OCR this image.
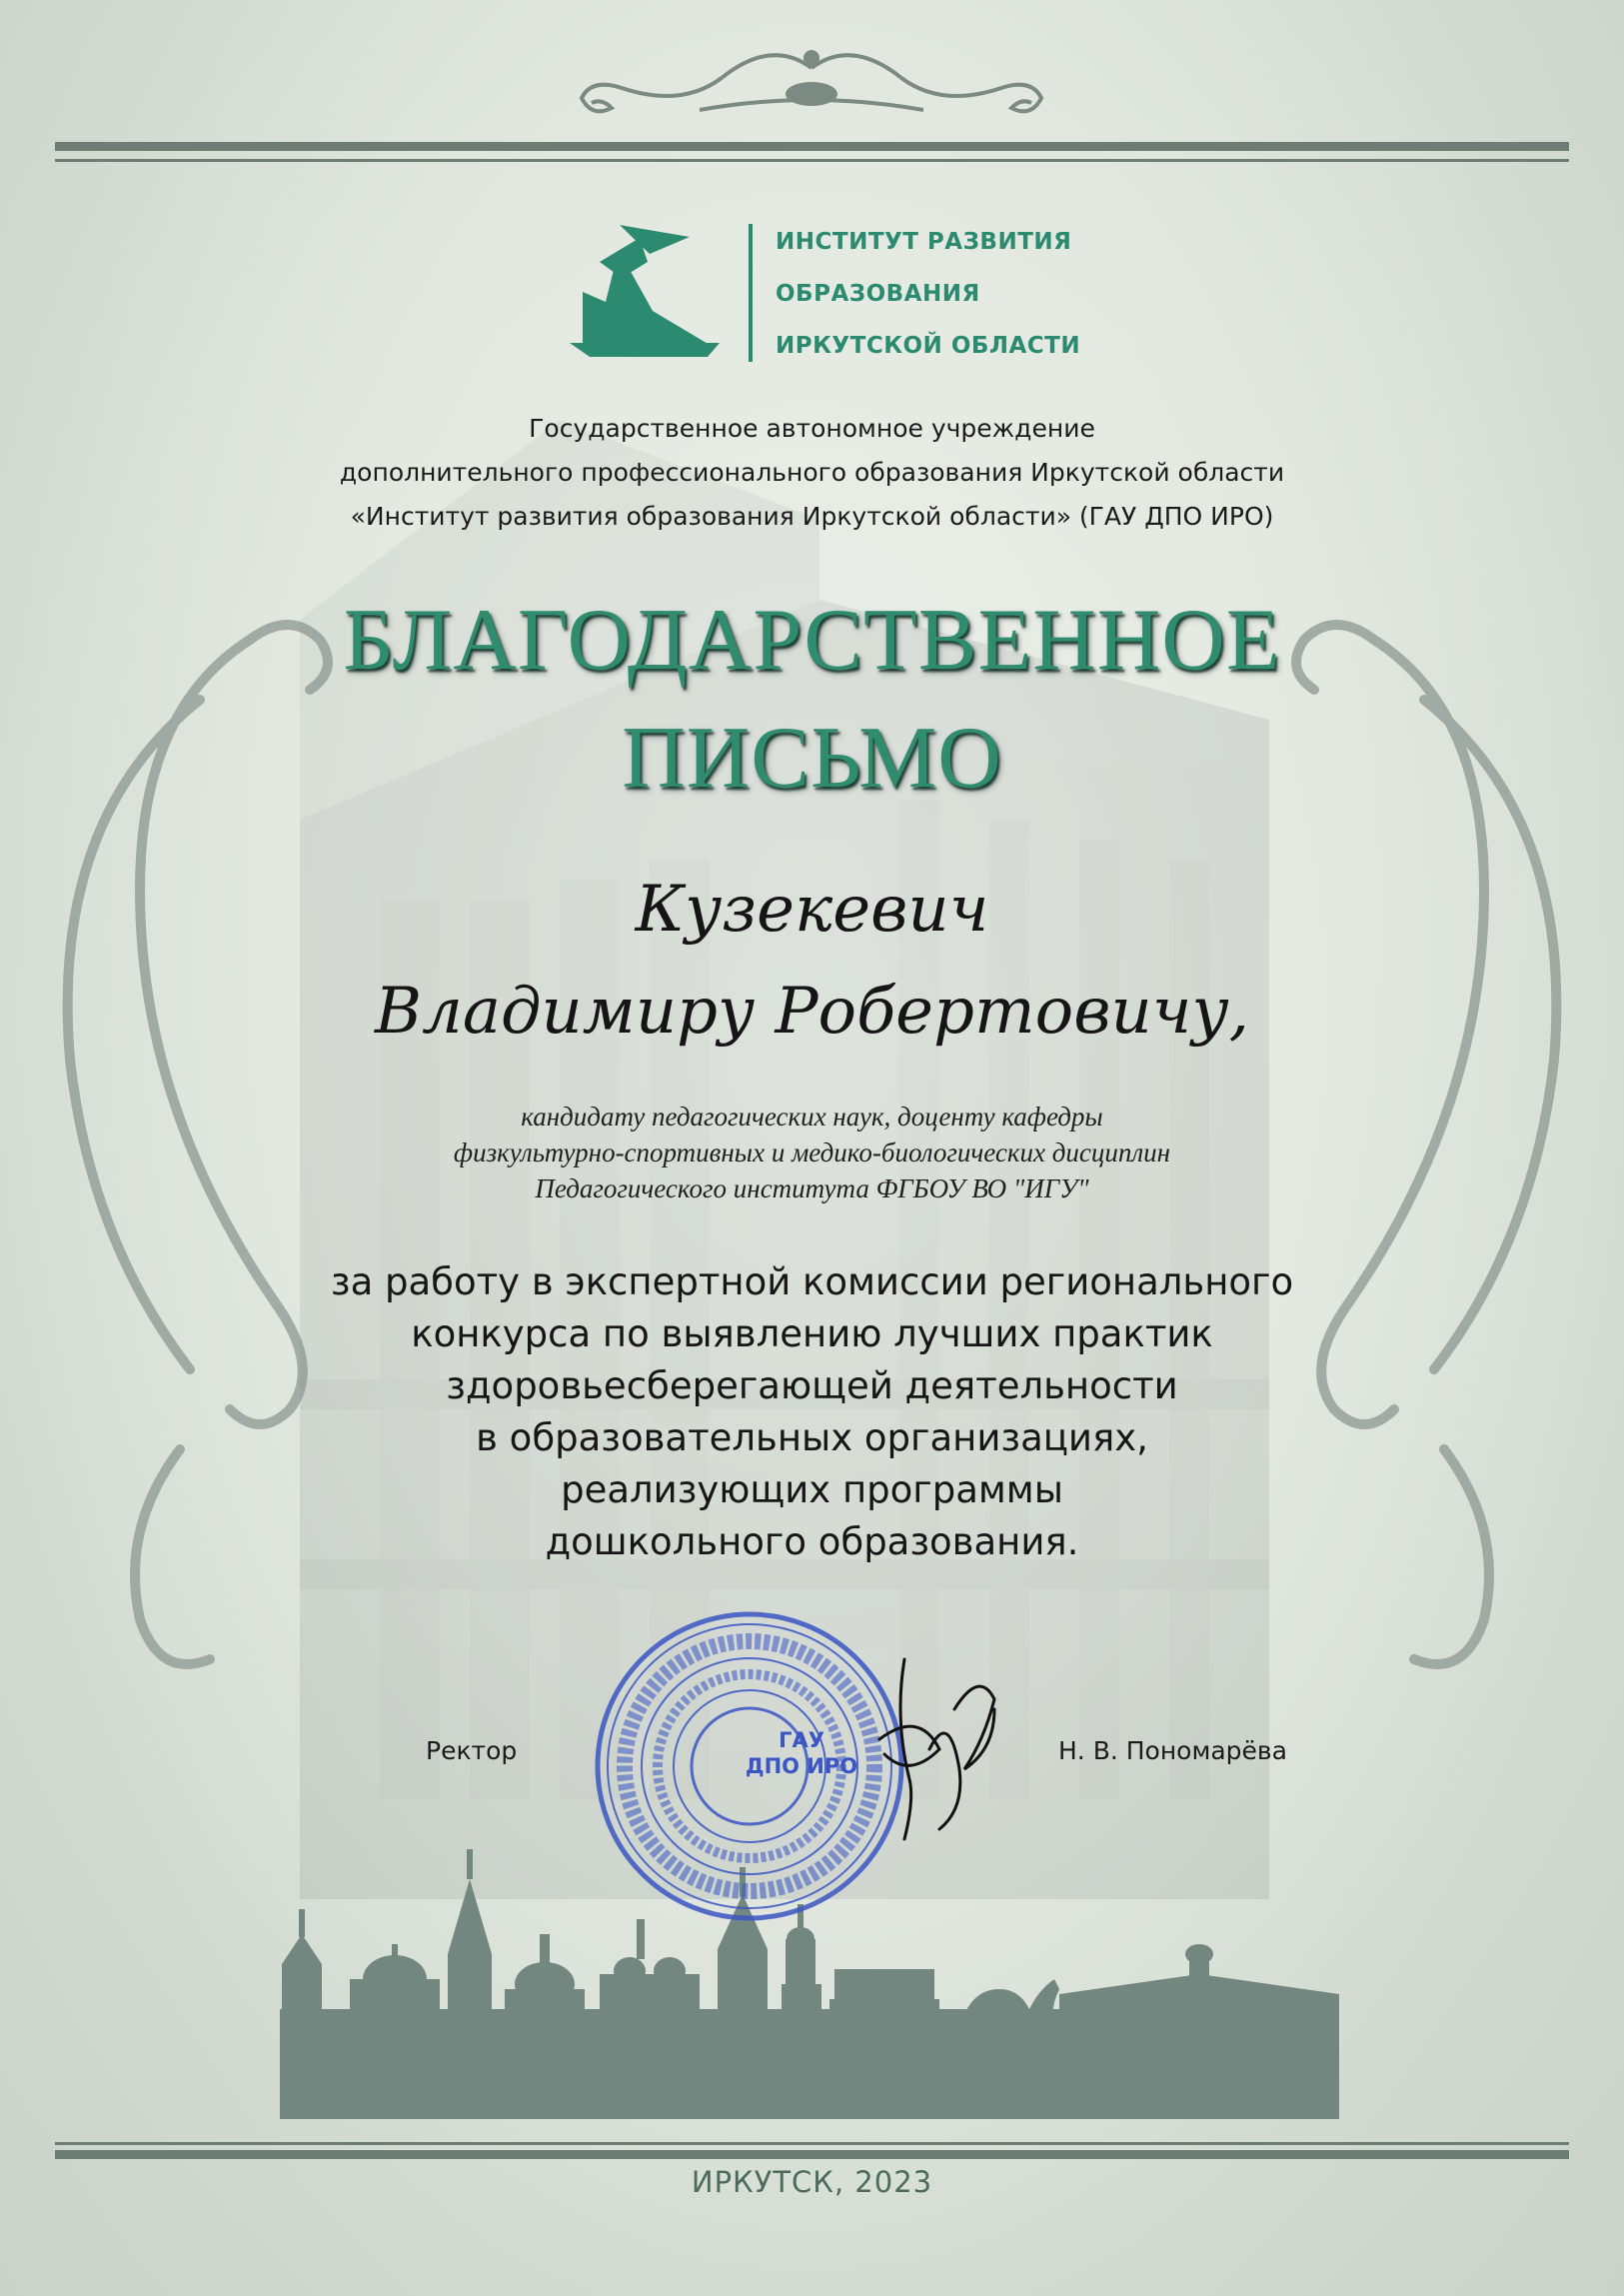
ИНСТИТУТ РАЗВИТИЯ
ОБРАЗОВАНИЯ
ИРКУТСКОЙ ОБЛАСТИ
Государственное автономное учреждение
дополнительного профессионального образования Иркутской области
«Институт развития образования Иркутской области» (ГАУ ДПО ИРО)
БЛАГОДАРСТВЕННОЕ
ПИСЬМО
Кузекевич
Владимиру Робертовичу,
кандидату педагогических наук, доценту кафедры
физкультурно-спортивных и медико-биологических дисциплин
Педагогического института ФГБОУ ВО "ИГУ"
за работу в экспертной комиссии регионального
конкурса по выявлению лучших практик
здоровьесберегающей деятельности
в образовательных организациях,
реализующих программы
дошкольного образования.
ГАУ
ДПО ИРО
Ректор	Н. В. Пономарёва
ИРКУТСК, 2023
